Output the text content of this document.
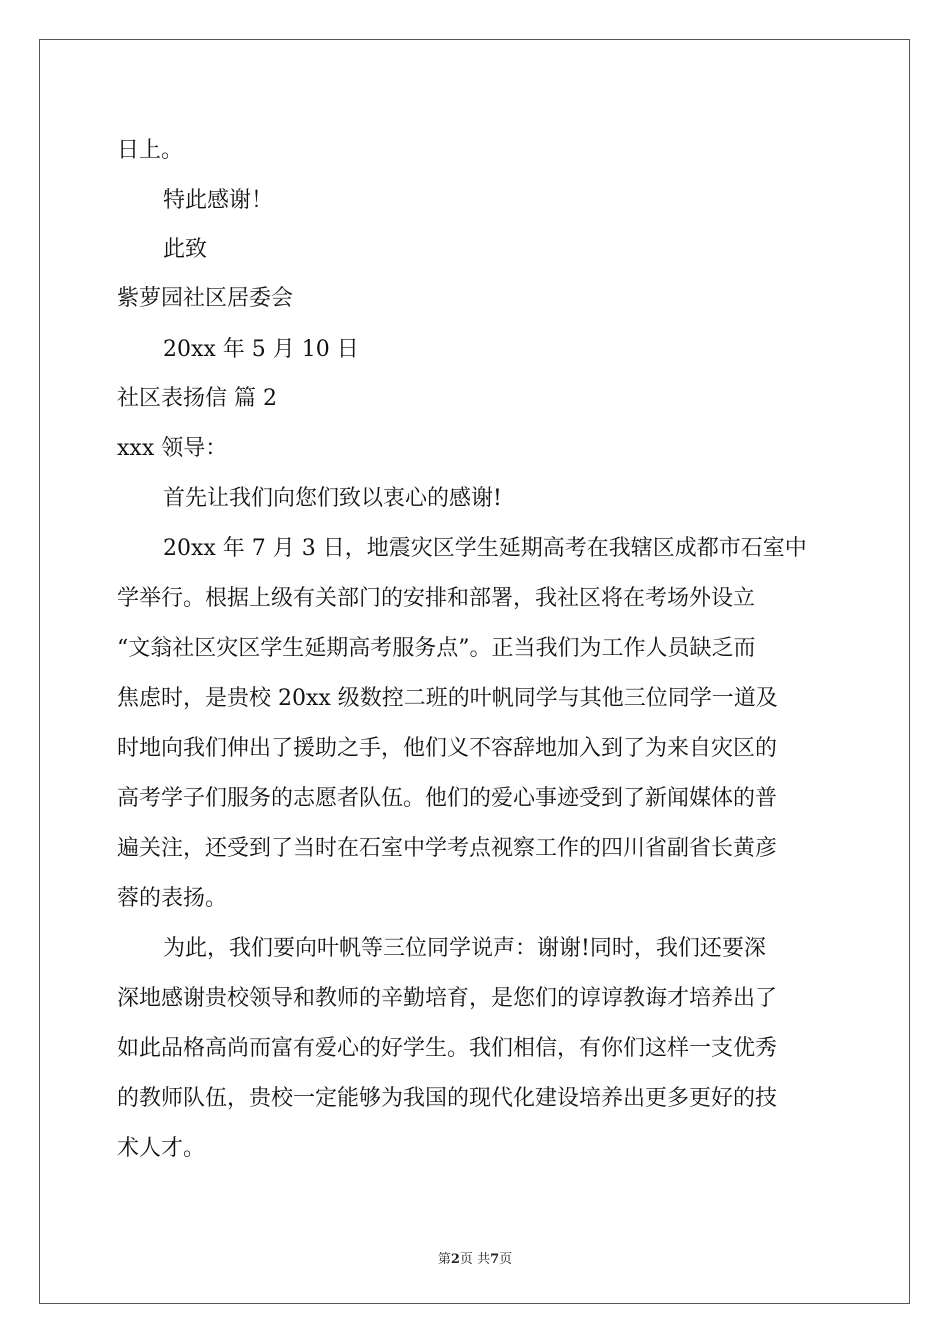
日上。

特此感谢！

此致

紫萝园社区居委会

20xx 年 5 月 10 日

社区表扬信 篇 2

xxx 领导：

首先让我们向您们致以衷心的感谢!

20xx 年 7 月 3 日，地震灾区学生延期高考在我辖区成都市石室中

学举行。根据上级有关部门的安排和部署，我社区将在考场外设立

“文翁社区灾区学生延期高考服务点”。正当我们为工作人员缺乏而

焦虑时，是贵校 20xx 级数控二班的叶帆同学与其他三位同学一道及

时地向我们伸出了援助之手，他们义不容辞地加入到了为来自灾区的

高考学子们服务的志愿者队伍。他们的爱心事迹受到了新闻媒体的普

遍关注，还受到了当时在石室中学考点视察工作的四川省副省长黄彦

蓉的表扬。

为此，我们要向叶帆等三位同学说声：谢谢!同时，我们还要深

深地感谢贵校领导和教师的辛勤培育，是您们的谆谆教诲才培养出了

如此品格高尚而富有爱心的好学生。我们相信，有你们这样一支优秀

的教师队伍，贵校一定能够为我国的现代化建设培养出更多更好的技

术人才。

第2页 共7页
